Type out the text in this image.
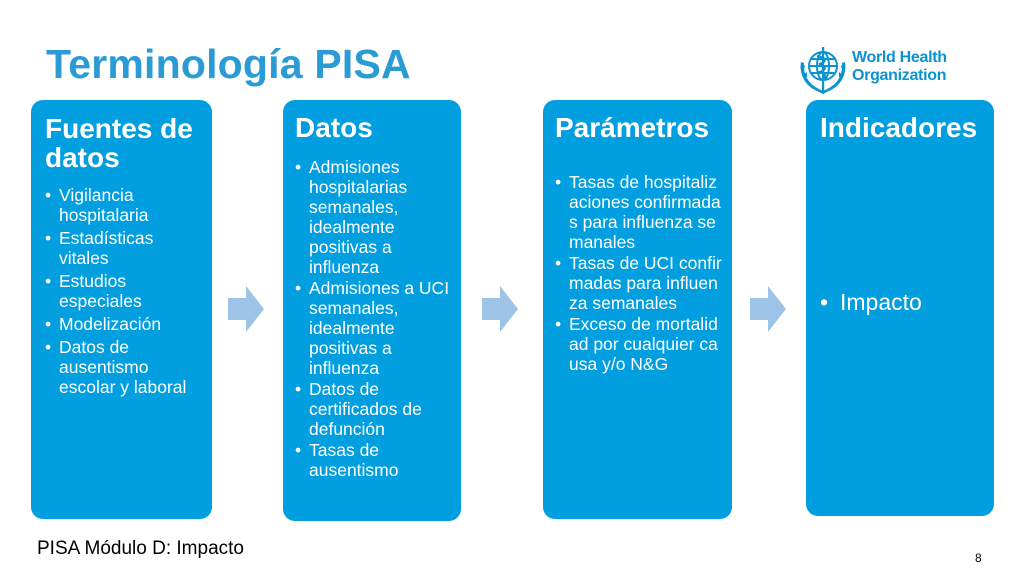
Terminología PISA	World Health
Organization
Fuentes de datos
• Vigilancia hospitalaria
• Estadísticas vitales
• Estudios especiales
• Modelización
• Datos de ausentismo escolar y laboral
Datos
• Admisiones hospitalarias semanales, idealmente positivas a influenza
• Admisiones a UCI semanales, idealmente positivas a influenza
• Datos de certificados de defunción
• Tasas de ausentismo
Parámetros
• Tasas de hospitalizaciones confirmadas para influenza semanales
• Tasas de UCI confirmadas para influenza semanales
• Exceso de mortalidad por cualquier causa y/o N&G
Indicadores
• Impacto
PISA Módulo D: Impacto	8
